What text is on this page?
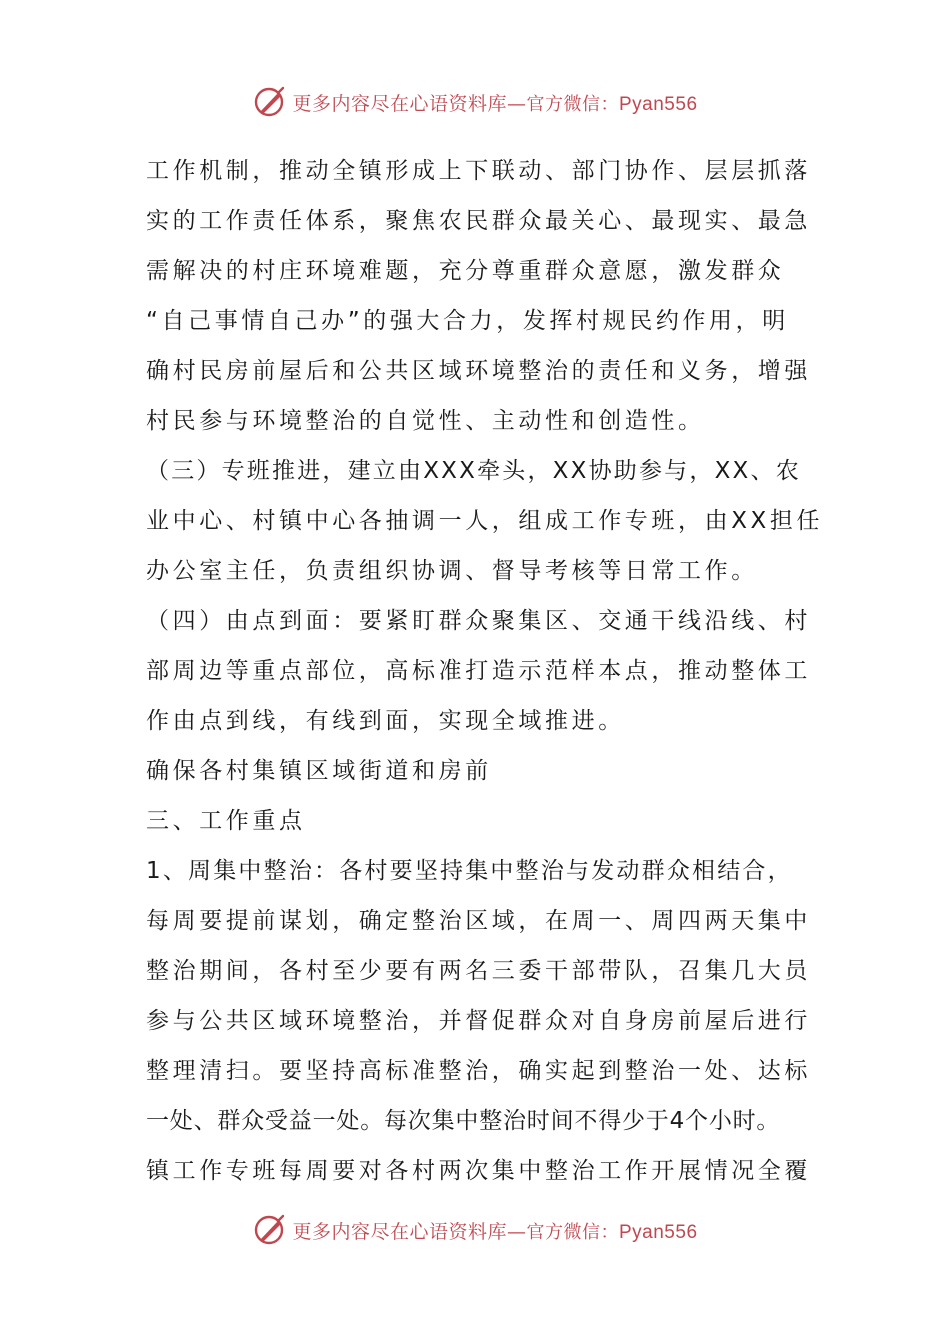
更多内容尽在心语资料库—官方微信：Pyan556
工作机制，推动全镇形成上下联动、部门协作、层层抓落
实的工作责任体系，聚焦农民群众最关心、最现实、最急
需解决的村庄环境难题，充分尊重群众意愿，激发群众
“自己事情自己办”的强大合力，发挥村规民约作用，明
确村民房前屋后和公共区域环境整治的责任和义务，增强
村民参与环境整治的自觉性、主动性和创造性。
（三）专班推进，建立由XXX牵头，XX协助参与，XX、农
业中心、村镇中心各抽调一人，组成工作专班，由XX担任
办公室主任，负责组织协调、督导考核等日常工作。
（四）由点到面：要紧盯群众聚集区、交通干线沿线、村
部周边等重点部位，高标准打造示范样本点，推动整体工
作由点到线，有线到面，实现全域推进。
确保各村集镇区域街道和房前
三、工作重点
1、周集中整治：各村要坚持集中整治与发动群众相结合，
每周要提前谋划，确定整治区域，在周一、周四两天集中
整治期间，各村至少要有两名三委干部带队，召集几大员
参与公共区域环境整治，并督促群众对自身房前屋后进行
整理清扫。要坚持高标准整治，确实起到整治一处、达标
一处、群众受益一处。每次集中整治时间不得少于4个小时。
镇工作专班每周要对各村两次集中整治工作开展情况全覆
更多内容尽在心语资料库—官方微信：Pyan556
